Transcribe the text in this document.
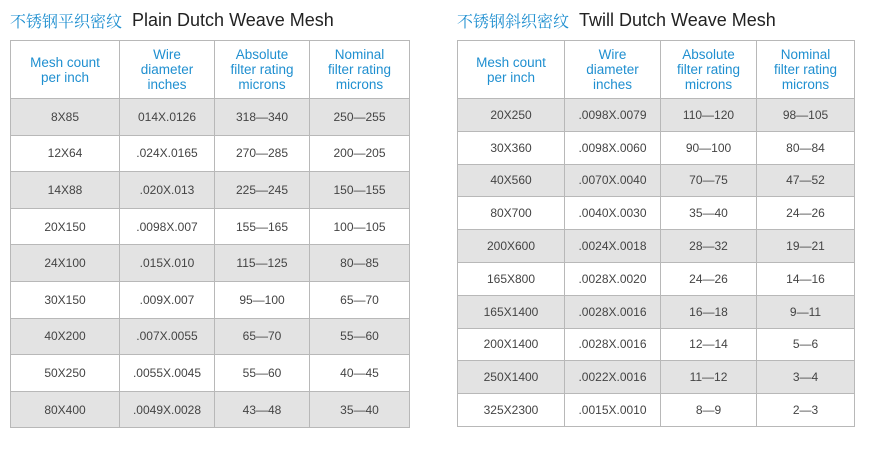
不锈钢平织密纹 Plain Dutch Weave Mesh
Mesh count
per inch	Wire
diameter
inches	Absolute
filter rating
microns	Nominal
filter rating
microns
8X85	014X.0126	318—340	250—255
12X64	.024X.0165	270—285	200—205
14X88	.020X.013	225—245	150—155
20X150	.0098X.007	155—165	100—105
24X100	.015X.010	115—125	80—85
30X150	.009X.007	95—100	65—70
40X200	.007X.0055	65—70	55—60
50X250	.0055X.0045	55—60	40—45
80X400	.0049X.0028	43—48	35—40
不锈钢斜织密纹 Twill Dutch Weave Mesh
Mesh count
per inch	Wire
diameter
inches	Absolute
filter rating
microns	Nominal
filter rating
microns
20X250	.0098X.0079	110—120	98—105
30X360	.0098X.0060	90—100	80—84
40X560	.0070X.0040	70—75	47—52
80X700	.0040X.0030	35—40	24—26
200X600	.0024X.0018	28—32	19—21
165X800	.0028X.0020	24—26	14—16
165X1400	.0028X.0016	16—18	9—11
200X1400	.0028X.0016	12—14	5—6
250X1400	.0022X.0016	11—12	3—4
325X2300	.0015X.0010	8—9	2—3
